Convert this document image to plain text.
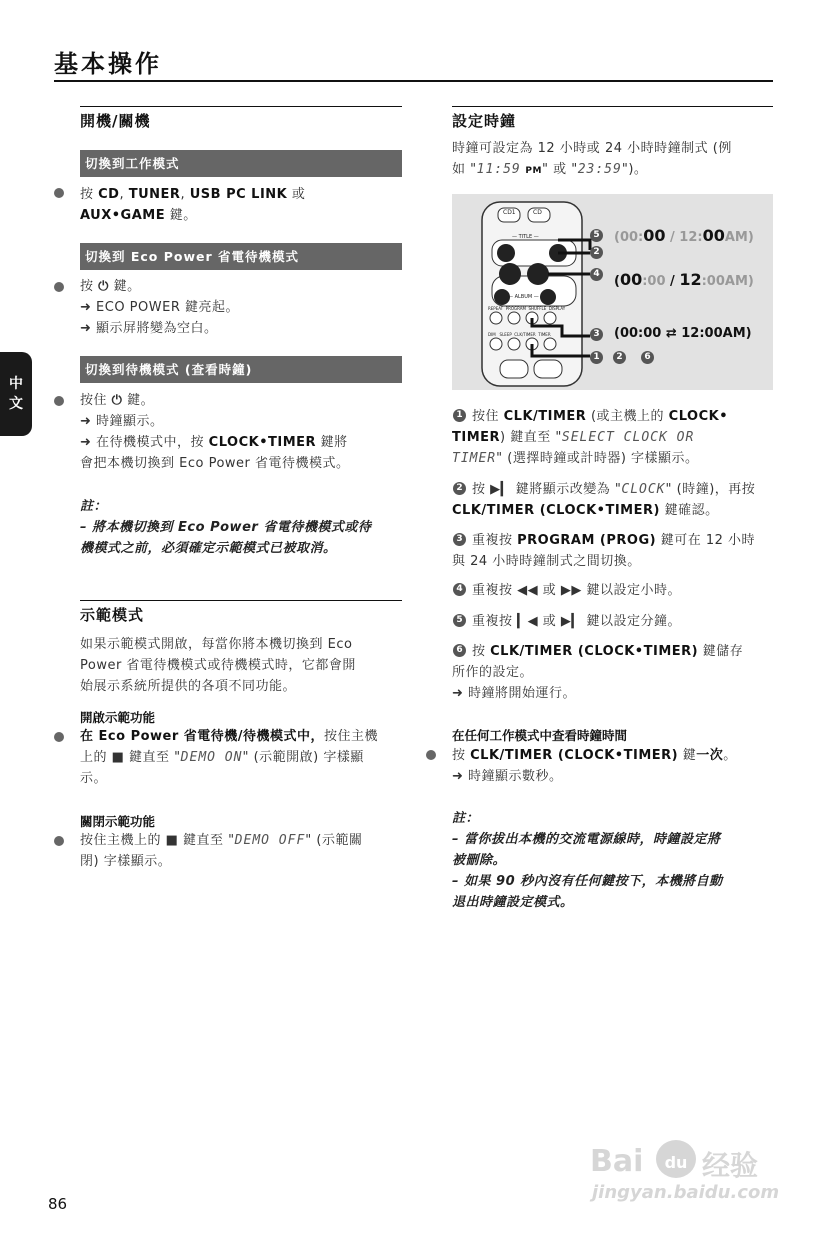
基本操作
中文
開機/關機
切換到工作模式
按 CD, TUNER, USB PC LINK 或
AUX•GAME 鍵。
切換到 Eco Power 省電待機模式
按 ⏻ 鍵。
➜ ECO POWER 鍵亮起。
➜ 顯示屏將變為空白。
切換到待機模式 (查看時鐘)
按住 ⏻ 鍵。
➜ 時鐘顯示。
➜ 在待機模式中，按 CLOCK•TIMER 鍵將
會把本機切換到 Eco Power 省電待機模式。
註：
– 將本機切換到 Eco Power 省電待機模式或待
機模式之前，必須確定示範模式已被取消。
示範模式
如果示範模式開啟，每當你將本機切換到 Eco
Power 省電待機模式或待機模式時，它都會開
始展示系統所提供的各項不同功能。
開啟示範功能
在 Eco Power 省電待機/待機模式中，按住主機
上的 ■ 鍵直至 "DEMO ON" (示範開啟) 字樣顯
示。
關閉示範功能
按住主機上的 ■ 鍵直至 "DEMO OFF" (示範關
閉) 字樣顯示。
設定時鐘
時鐘可設定為 12 小時或 24 小時時鐘制式 (例
如 "11:59 PM" 或 "23:59")。
CD1	CD
— TITLE —
— ALBUM —
REPEAT  PROGRAM  SHUFFLE  DISPLAY
DIM   SLEEP  CLK/TIMER  TIMER
5
2
4
3
1	2	6
(00:00 / 12:00AM)
(00:00 / 12:00AM)
(00:00 ⇄ 12:00AM)
1 按住 CLK/TIMER (或主機上的 CLOCK•
TIMER) 鍵直至 "SELECT CLOCK OR
TIMER" (選擇時鐘或計時器) 字樣顯示。
2 按 ▶▎ 鍵將顯示改變為 "CLOCK" (時鐘)，再按
CLK/TIMER (CLOCK•TIMER) 鍵確認。
3 重複按 PROGRAM (PROG) 鍵可在 12 小時
與 24 小時時鐘制式之間切換。
4 重複按 ◀◀ 或 ▶▶ 鍵以設定小時。
5 重複按 ▎◀ 或 ▶▎ 鍵以設定分鐘。
6 按 CLK/TIMER (CLOCK•TIMER) 鍵儲存
所作的設定。
➜ 時鐘將開始運行。
在任何工作模式中查看時鐘時間
按 CLK/TIMER (CLOCK•TIMER) 鍵一次。
➜ 時鐘顯示數秒。
註：
– 當你拔出本機的交流電源線時，時鐘設定將
被刪除。
– 如果 90 秒內沒有任何鍵按下，本機將自動
退出時鐘設定模式。
86
Bai	du 经验
jingyan.baidu.com
